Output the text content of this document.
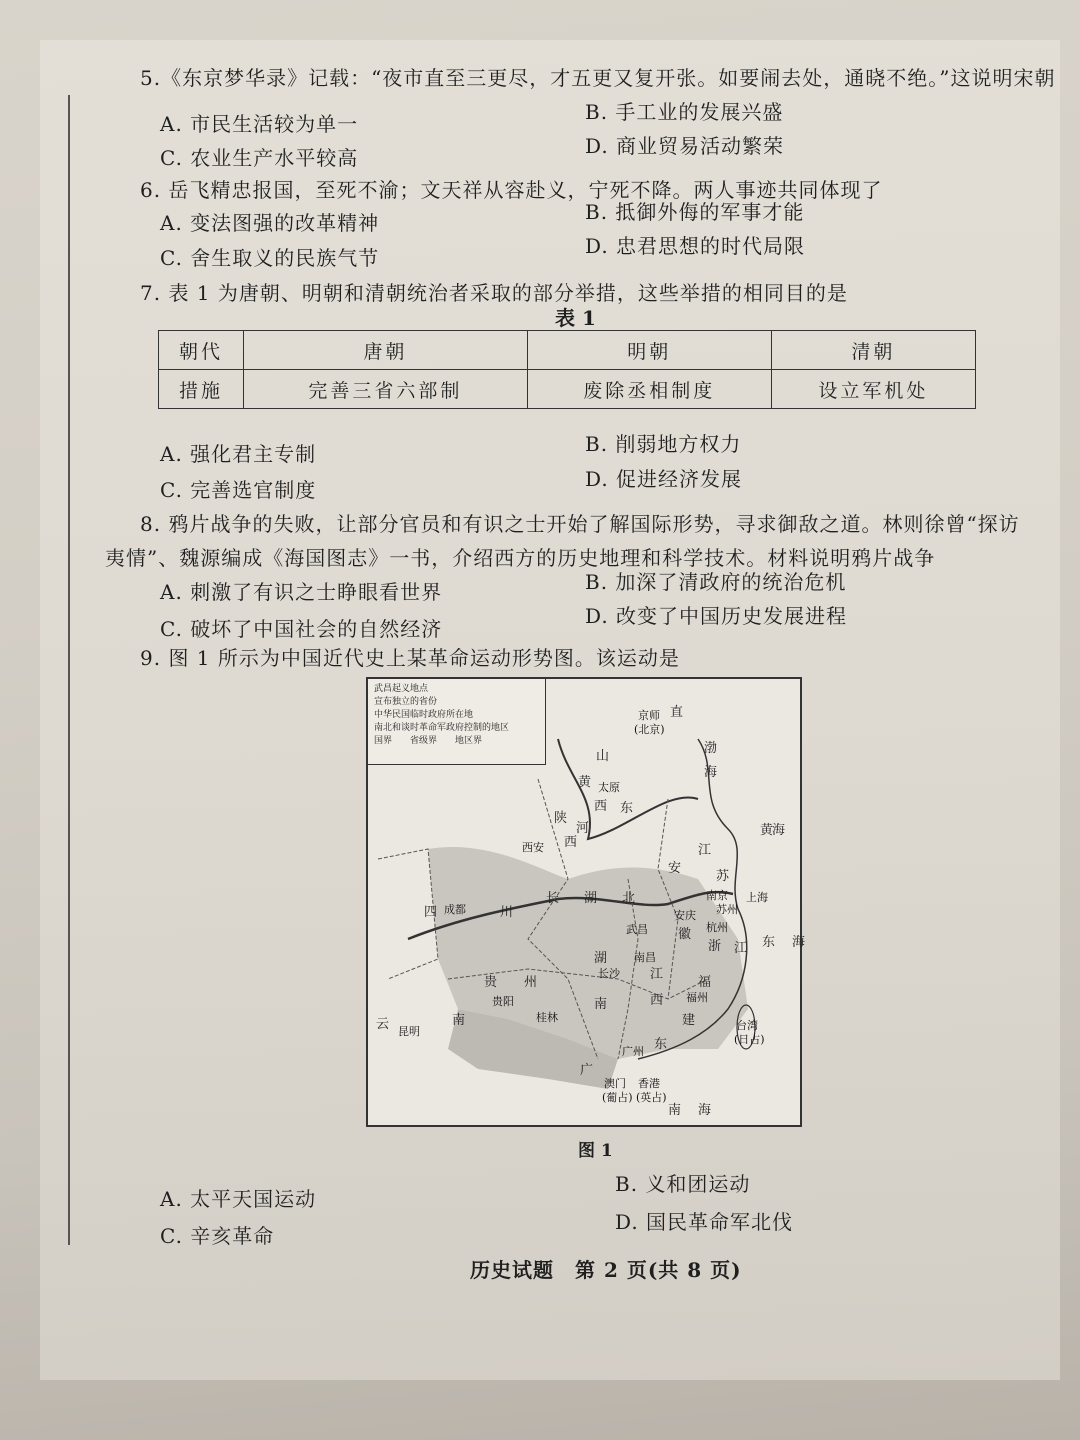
5.《东京梦华录》记载：“夜市直至三更尽，才五更又复开张。如要闹去处，通晓不绝。”这说明宋朝
A. 市民生活较为单一	B. 手工业的发展兴盛
C. 农业生产水平较高	D. 商业贸易活动繁荣
6. 岳飞精忠报国，至死不渝；文天祥从容赴义，宁死不降。两人事迹共同体现了
A. 变法图强的改革精神	B. 抵御外侮的军事才能
C. 舍生取义的民族气节	D. 忠君思想的时代局限
7. 表 1 为唐朝、明朝和清朝统治者采取的部分举措，这些举措的相同目的是
表 1
朝代	唐朝	明朝	清朝
措施	完善三省六部制	废除丞相制度	设立军机处
A. 强化君主专制	B. 削弱地方权力
C. 完善选官制度	D. 促进经济发展
8. 鸦片战争的失败，让部分官员和有识之士开始了解国际形势，寻求御敌之道。林则徐曾“探访
夷情”、魏源编成《海国图志》一书，介绍西方的历史地理和科学技术。材料说明鸦片战争
A. 刺激了有识之士睁眼看世界	B. 加深了清政府的统治危机
C. 破坏了中国社会的自然经济
D. 改变了中国历史发展进程
9. 图 1 所示为中国近代史上某革命运动形势图。该运动是
武昌起义地点
宣布独立的省份
中华民国临时政府所在地
南北和谈时革命军政府控制的地区
国界　　省级界　　地区界
京师
(北京)
直
山
东
渤
海
黄
河
陕
西
太原
西
西安
安
江
苏
上海
南京
苏州
黄
海
四 成都	川
长 湖 北
武昌
安庆
徽 杭州
浙 江 东 海
贵 州
贵阳
湖
长沙
南
南昌
江
西
福
福州
建	台湾
(日占)
云	南
昆明
桂林
广
东
广州
澳门
(葡占)
香港
(英占)
南 海
图 1
A. 太平天国运动
B. 义和团运动
C. 辛亥革命
D. 国民革命军北伐
历史试题　第 2 页(共 8 页)
